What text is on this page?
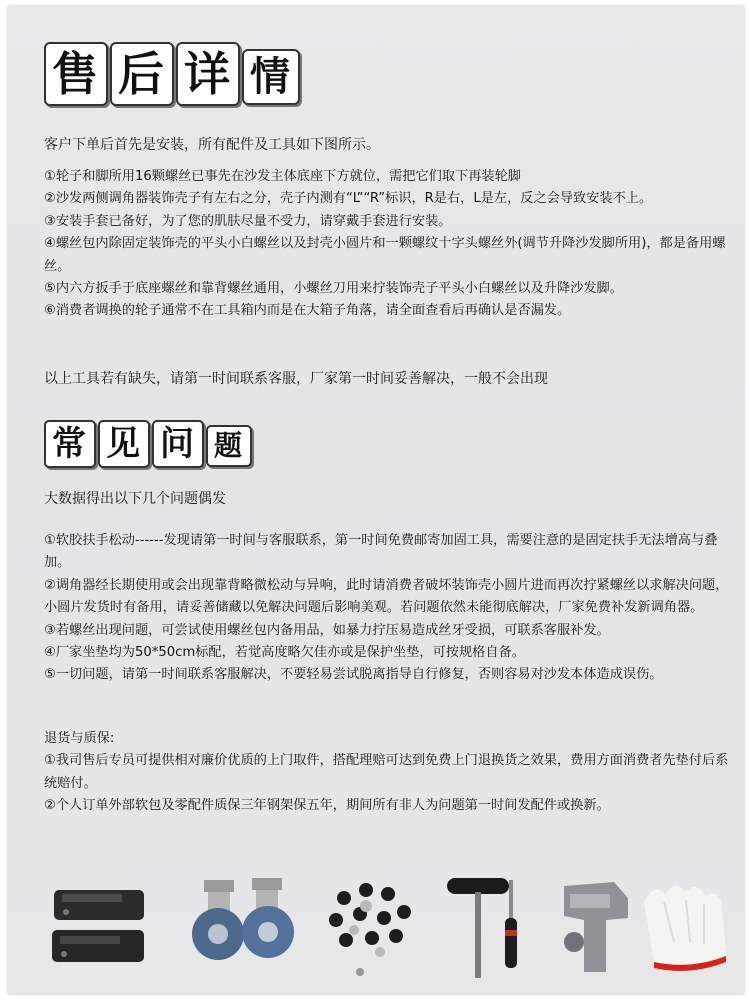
售 后 详 情

客户下单后首先是安装，所有配件及工具如下图所示。

①轮子和脚所用16颗螺丝已事先在沙发主体底座下方就位，需把它们取下再装轮脚

②沙发两侧调角器装饰壳子有左右之分，壳子内测有“L”“R”标识，R是右，L是左，反之会导致安装不上。

③安装手套已备好，为了您的肌肤尽量不受力，请穿戴手套进行安装。

④螺丝包内除固定装饰壳的平头小白螺丝以及封壳小圆片和一颗螺纹十字头螺丝外(调节升降沙发脚所用)，都是备用螺丝。

⑤内六方扳手于底座螺丝和靠背螺丝通用，小螺丝刀用来拧装饰壳子平头小白螺丝以及升降沙发脚。

⑥消费者调换的轮子通常不在工具箱内而是在大箱子角落，请全面查看后再确认是否漏发。

以上工具若有缺失，请第一时间联系客服，厂家第一时间妥善解决，一般不会出现

常 见 问 题

大数据得出以下几个问题偶发

①软胶扶手松动------发现请第一时间与客服联系，第一时间免费邮寄加固工具，需要注意的是固定扶手无法增高与叠加。

②调角器经长期使用或会出现靠背略微松动与异响，此时请消费者破坏装饰壳小圆片进而再次拧紧螺丝以求解决问题，小圆片发货时有备用，请妥善储藏以免解决问题后影响美观。若问题依然未能彻底解决，厂家免费补发新调角器。

③若螺丝出现问题，可尝试使用螺丝包内备用品，如暴力拧压易造成丝牙受损，可联系客服补发。

④厂家坐垫均为50*50cm标配，若觉高度略欠佳亦或是保护坐垫，可按规格自备。

⑤一切问题，请第一时间联系客服解决，不要轻易尝试脱离指导自行修复，否则容易对沙发本体造成误伤。

退货与质保:

①我司售后专员可提供相对廉价优质的上门取件，搭配理赔可达到免费上门退换货之效果，费用方面消费者先垫付后系统赔付。

②个人订单外部软包及零配件质保三年钢架保五年，期间所有非人为问题第一时间发配件或换新。
